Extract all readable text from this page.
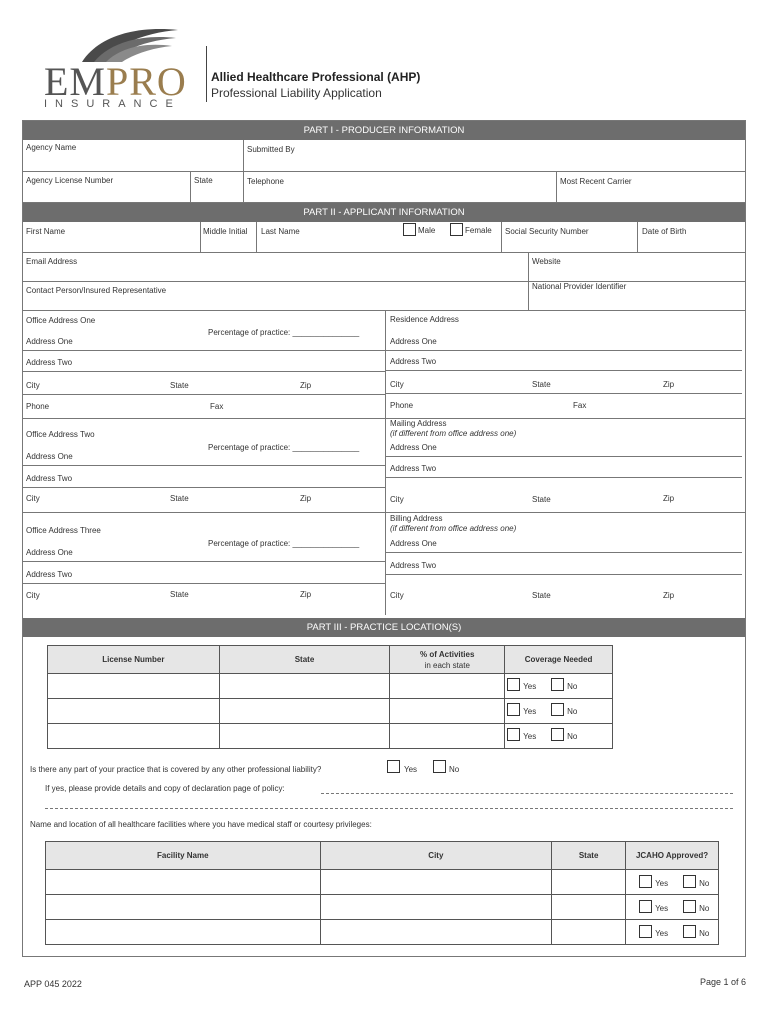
EMPRO
INSURANCE
Allied Healthcare Professional (AHP)
Professional Liability Application
PART I - PRODUCER INFORMATION
Agency Name	Submitted By
Agency License Number	State	Telephone	Most Recent Carrier
PART II - APPLICANT INFORMATION
First Name	Middle Initial Last Name	Male	Female Social Security Number	Date of Birth
Email Address	Website
Contact Person/Insured Representative	National Provider Identifier
Office Address One
Percentage of practice: _______________
Address One
Address Two
City	State	Zip
Phone	Fax
Residence Address
Address One
Address Two
City	State	Zip
Phone	Fax
Office Address Two
Percentage of practice: _______________
Address One
Address Two
City	State	Zip
Mailing Address
(if different from office address one)
Address One
Address Two
City	State	Zip
Office Address Three
Percentage of practice: _______________
Address One
Address Two
City	State	Zip
Billing Address
(if different from office address one)
Address One
Address Two
City	State	Zip
PART III - PRACTICE LOCATION(S)
License Number	State	% of Activities
in each state	Coverage Needed

			Yes No

			Yes No

			Yes No
Is there any part of your practice that is covered by any other professional liability?	Yes	No
If yes, please provide details and copy of declaration page of policy:
Name and location of all healthcare facilities where you have medical staff or courtesy privileges:
Facility Name	City	State	JCAHO Approved?

			Yes No

			Yes No

			Yes No
APP 045 2022	Page 1 of 6
